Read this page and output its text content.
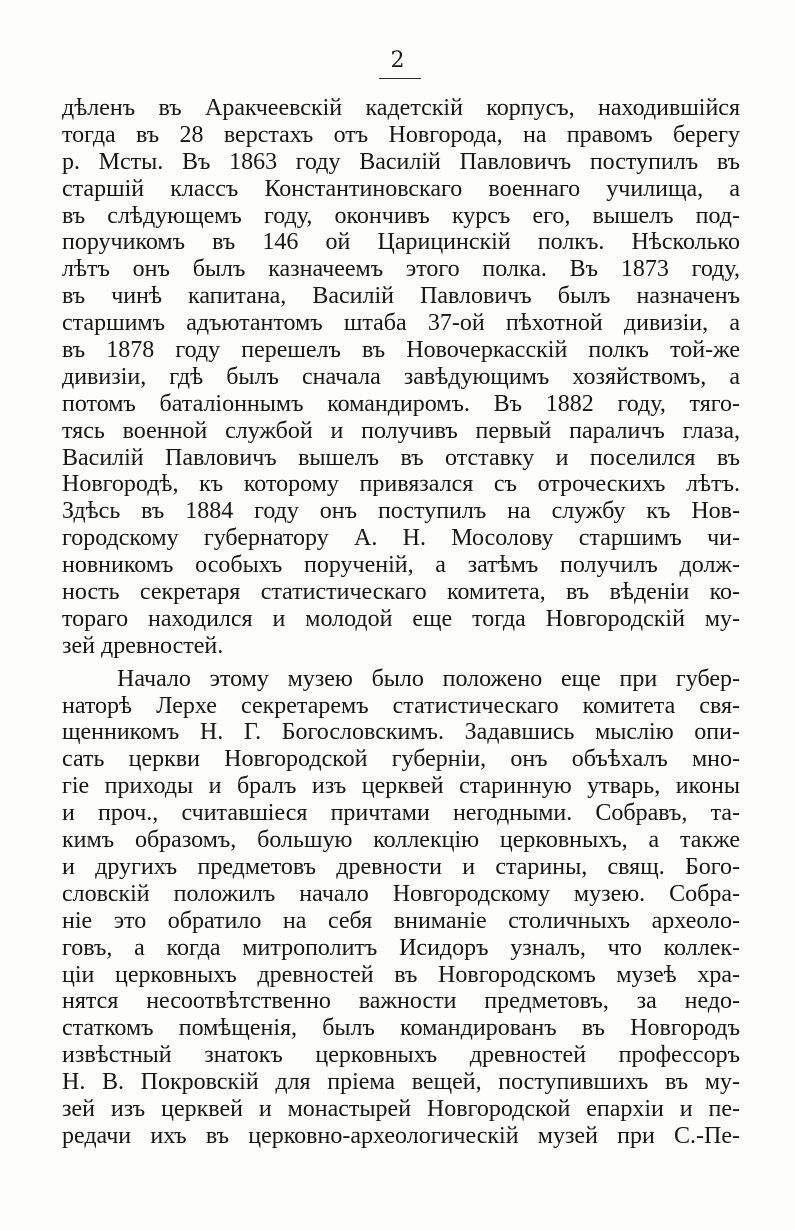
2
дѣленъ въ Аракчеевскій кадетскій корпусъ, находившійся
тогда въ 28 верстахъ отъ Новгорода, на правомъ берегу
р. Мсты. Въ 1863 году Василій Павловичъ поступилъ въ
старшій классъ Константиновскаго военнаго училища, а
въ слѣдующемъ году, окончивъ курсъ его, вышелъ под-
поручикомъ въ 146 ой Царицинскій полкъ. Нѣсколько
лѣтъ онъ былъ казначеемъ этого полка. Въ 1873 году,
въ чинѣ капитана, Василій Павловичъ былъ назначенъ
старшимъ адъютантомъ штаба 37-ой пѣхотной дивизіи, а
въ 1878 году перешелъ въ Новочеркасскій полкъ той-же
дивизіи, гдѣ былъ сначала завѣдующимъ хозяйствомъ, а
потомъ баталіоннымъ командиромъ. Въ 1882 году, тяго-
тясь военной службой и получивъ первый параличъ глаза,
Василій Павловичъ вышелъ въ отставку и поселился въ
Новгородѣ, къ которому привязался съ отроческихъ лѣтъ.
Здѣсь въ 1884 году онъ поступилъ на службу къ Нов-
городскому губернатору А. Н. Мосолову старшимъ чи-
новникомъ особыхъ порученій, а затѣмъ получилъ долж-
ность секретаря статистическаго комитета, въ вѣденіи ко-
тораго находился и молодой еще тогда Новгородскій му-
зей древностей.
Начало этому музею было положено еще при губер-
наторѣ Лерхе секретаремъ статистическаго комитета свя-
щенникомъ Н. Г. Богословскимъ. Задавшись мыслію опи-
сать церкви Новгородской губерніи, онъ объѣхалъ мно-
гіе приходы и бралъ изъ церквей старинную утварь, иконы
и проч., считавшіеся причтами негодными. Собравъ, та-
кимъ образомъ, большую коллекцію церковныхъ, а также
и другихъ предметовъ древности и старины, свящ. Бого-
словскій положилъ начало Новгородскому музею. Собра-
ніе это обратило на себя вниманіе столичныхъ археоло-
говъ, а когда митрополитъ Исидоръ узналъ, что коллек-
ціи церковныхъ древностей въ Новгородскомъ музеѣ хра-
нятся несоотвѣтственно важности предметовъ, за недо-
статкомъ помѣщенія, былъ командированъ въ Новгородъ
извѣстный знатокъ церковныхъ древностей профессоръ
Н. В. Покровскій для пріема вещей, поступившихъ въ му-
зей изъ церквей и монастырей Новгородской епархіи и пе-
редачи ихъ въ церковно-археологическій музей при С.-Пе-
